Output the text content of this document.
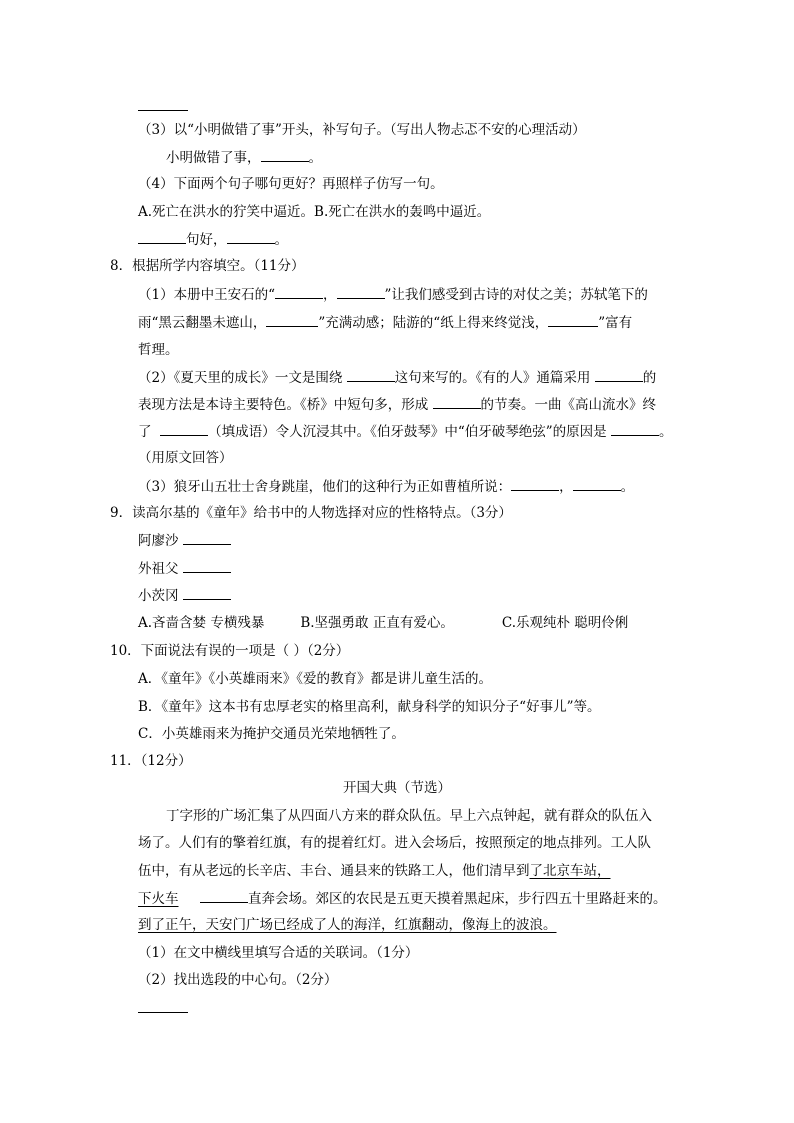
（3）以“小明做错了事”开头，补写句子。（写出人物忐忑不安的心理活动）
小明做错了事，	。
（4）下面两个句子哪句更好？再照样子仿写一句。
A.死亡在洪水的狞笑中逼近。B.死亡在洪水的轰鸣中逼近。
句好，	。
8．根据所学内容填空。（11分）
（1）本册中王安石的“	，	”让我们感受到古诗的对仗之美；苏轼笔下的
雨“黑云翻墨未遮山，	”充满动感；陆游的“纸上得来终觉浅，	”富有
哲理。
（2）《夏天里的成长》一文是围绕	这句来写的。《有的人》通篇采用	的
表现方法是本诗主要特色。《桥》中短句多，形成	的节奏。一曲《高山流水》终
了	（填成语）令人沉浸其中。《伯牙鼓琴》中“伯牙破琴绝弦”的原因是	。
（用原文回答）
（3）狼牙山五壮士舍身跳崖，他们的这种行为正如曹植所说：	，	。
9．读高尔基的《童年》给书中的人物选择对应的性格特点。（3分）
阿廖沙
外祖父
小茨冈
A.吝啬含婪 专横残暴	B.坚强勇敢 正直有爱心。	C.乐观纯朴 聪明伶俐
10．下面说法有误的一项是（ ）（2分）
A．《童年》《小英雄雨来》《爱的教育》都是讲儿童生活的。
B．《童年》这本书有忠厚老实的格里高利，献身科学的知识分子“好事儿”等。
C．小英雄雨来为掩护交通员光荣地牺牲了。
11．（12分）
开国大典（节选）
丁字形的广场汇集了从四面八方来的群众队伍。早上六点钟起，就有群众的队伍入
场了。人们有的擎着红旗，有的提着红灯。进入会场后，按照预定的地点排列。工人队
伍中，有从老远的长辛店、丰台、通县来的铁路工人，他们清早到了北京车站，
下火车	直奔会场。郊区的农民是五更天摸着黑起床，步行四五十里路赶来的。
到了正午，天安门广场已经成了人的海洋，红旗翻动，像海上的波浪。
（1）在文中横线里填写合适的关联词。（1分）
（2）找出选段的中心句。（2分）
